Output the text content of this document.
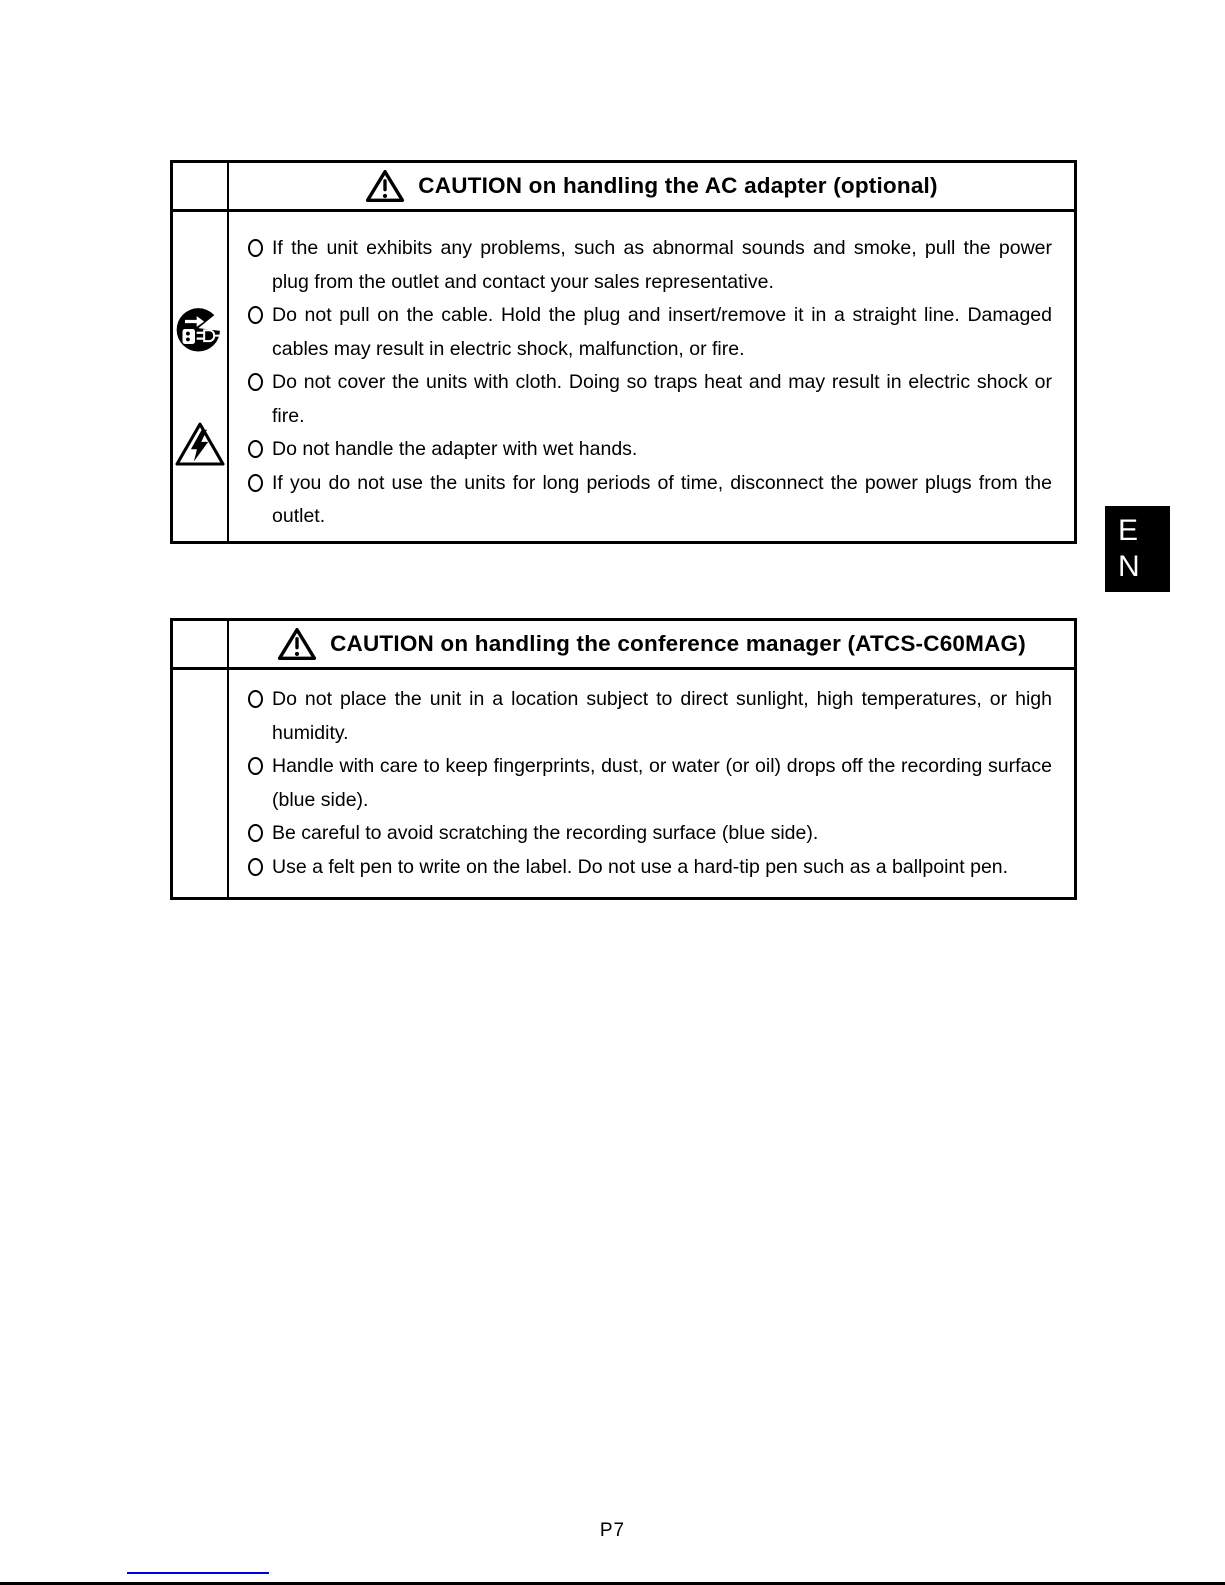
CAUTION on handling the AC adapter (optional)
If the unit exhibits any problems, such as abnormal sounds and smoke, pull the power plug from the outlet and contact your sales representative.
Do not pull on the cable. Hold the plug and insert/remove it in a straight line. Damaged cables may result in electric shock, malfunction, or fire.
Do not cover the units with cloth. Doing so traps heat and may result in electric shock or fire.
Do not handle the adapter with wet hands.
If you do not use the units for long periods of time, disconnect the power plugs from the outlet.	E
N
CAUTION on handling the conference manager (ATCS-C60MAG)
Do not place the unit in a location subject to direct sunlight, high temperatures, or high humidity.
Handle with care to keep fingerprints, dust, or water (or oil) drops off the recording surface (blue side).
Be careful to avoid scratching the recording surface (blue side).
Use a felt pen to write on the label. Do not use a hard-tip pen such as a ballpoint pen.
P7
